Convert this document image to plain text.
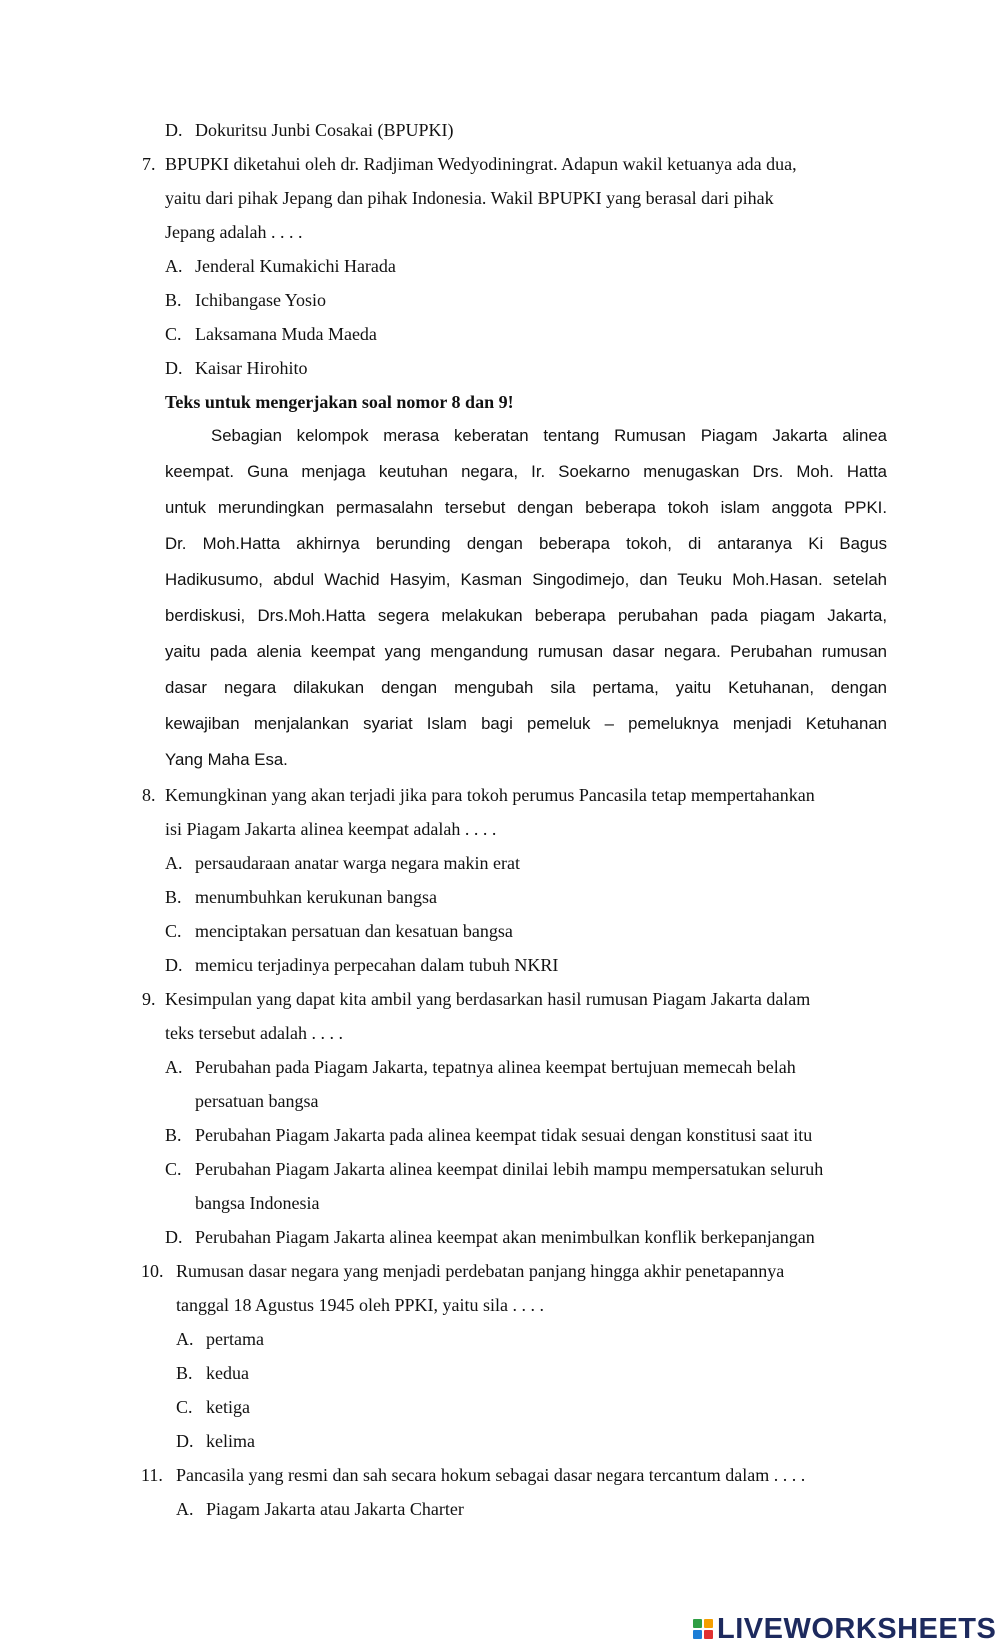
D. Dokuritsu Junbi Cosakai (BPUPKI)
7. BPUPKI diketahui oleh dr. Radjiman Wedyodiningrat. Adapun wakil ketuanya ada dua,
yaitu dari pihak Jepang dan pihak Indonesia. Wakil BPUPKI yang berasal dari pihak
Jepang adalah . . . .
A. Jenderal Kumakichi Harada
B. Ichibangase Yosio
C. Laksamana Muda Maeda
D. Kaisar Hirohito
Teks untuk mengerjakan soal nomor 8 dan 9!
Sebagian kelompok merasa keberatan tentang Rumusan Piagam Jakarta alinea
keempat. Guna menjaga keutuhan negara, Ir. Soekarno menugaskan Drs. Moh. Hatta
untuk merundingkan permasalahn tersebut dengan beberapa tokoh islam anggota PPKI.
Dr. Moh.Hatta akhirnya berunding dengan beberapa tokoh, di antaranya Ki Bagus
Hadikusumo, abdul Wachid Hasyim, Kasman Singodimejo, dan Teuku Moh.Hasan. setelah
berdiskusi, Drs.Moh.Hatta segera melakukan beberapa perubahan pada piagam Jakarta,
yaitu pada alenia keempat yang mengandung rumusan dasar negara. Perubahan rumusan
dasar negara dilakukan dengan mengubah sila pertama, yaitu Ketuhanan, dengan
kewajiban menjalankan syariat Islam bagi pemeluk – pemeluknya menjadi Ketuhanan
Yang Maha Esa.
8. Kemungkinan yang akan terjadi jika para tokoh perumus Pancasila tetap mempertahankan
isi Piagam Jakarta alinea keempat adalah . . . .
A. persaudaraan anatar warga negara makin erat
B. menumbuhkan kerukunan bangsa
C. menciptakan persatuan dan kesatuan bangsa
D. memicu terjadinya perpecahan dalam tubuh NKRI
9. Kesimpulan yang dapat kita ambil yang berdasarkan hasil rumusan Piagam Jakarta dalam
teks tersebut adalah . . . .
A. Perubahan pada Piagam Jakarta, tepatnya alinea keempat bertujuan memecah belah
persatuan bangsa
B. Perubahan Piagam Jakarta pada alinea keempat tidak sesuai dengan konstitusi saat itu
C. Perubahan Piagam Jakarta alinea keempat dinilai lebih mampu mempersatukan seluruh
bangsa Indonesia
D. Perubahan Piagam Jakarta alinea keempat akan menimbulkan konflik berkepanjangan
10. Rumusan dasar negara yang menjadi perdebatan panjang hingga akhir penetapannya
tanggal 18 Agustus 1945 oleh PPKI, yaitu sila . . . .
A. pertama
B. kedua
C. ketiga
D. kelima
11. Pancasila yang resmi dan sah secara hokum sebagai dasar negara tercantum dalam . . . .
A. Piagam Jakarta atau Jakarta Charter
LIVEWORKSHEETS
